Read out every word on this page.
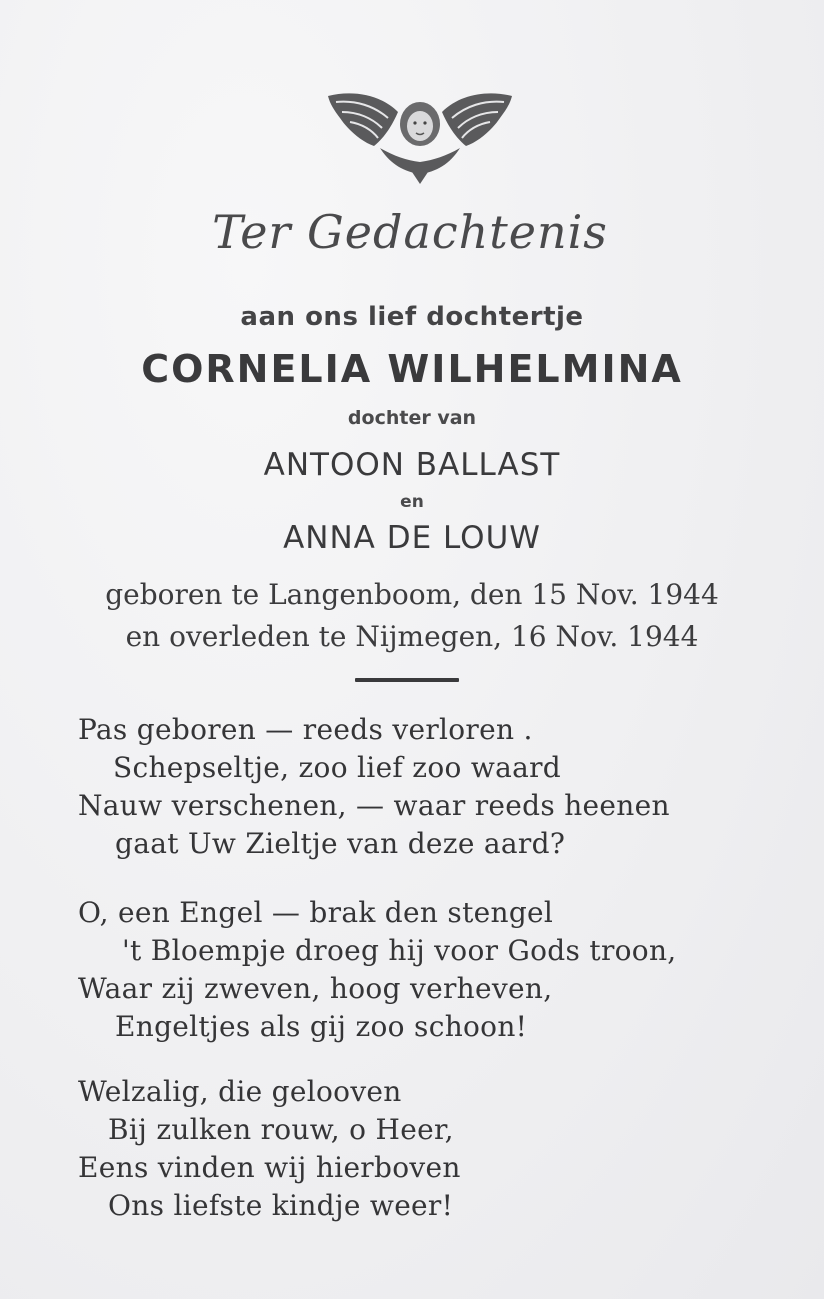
Ter Gedachtenis
aan ons lief dochtertje
CORNELIA WILHELMINA
dochter van
ANTOON BALLAST
en
ANNA DE LOUW
geboren te Langenboom, den 15 Nov. 1944
en overleden te Nijmegen, 16 Nov. 1944
Pas geboren — reeds verloren .
Schepseltje, zoo lief zoo waard
Nauw verschenen, — waar reeds heenen
gaat Uw Zieltje van deze aard?
O, een Engel — brak den stengel
't Bloempje droeg hij voor Gods troon,
Waar zij zweven, hoog verheven,
Engeltjes als gij zoo schoon!
Welzalig, die gelooven
Bij zulken rouw, o Heer,
Eens vinden wij hierboven
Ons liefste kindje weer!
